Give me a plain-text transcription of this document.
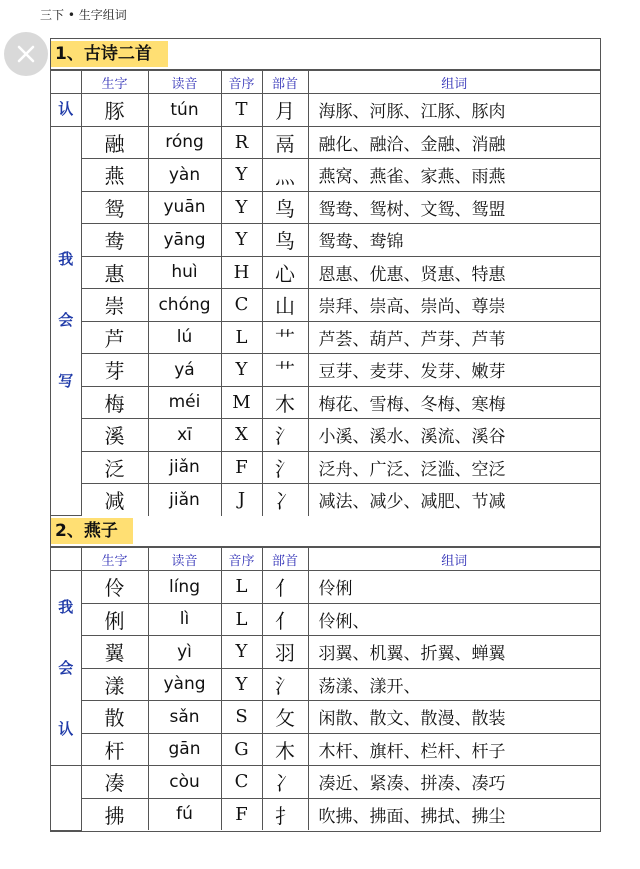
三下 • 生字组词
1、古诗二首
	生字	读音	音序	部首	组词

认	豚	tún	T	月	海豚、河豚、江豚、豚肉

我
会
写	融	róng	R	鬲	融化、融洽、金融、消融
	燕	yàn	Y	灬	燕窝、燕雀、家燕、雨燕
	鸳	yuān	Y	鸟	鸳鸯、鸳树、文鸳、鸳盟
	鸯	yāng	Y	鸟	鸳鸯、鸯锦
	惠	huì	H	心	恩惠、优惠、贤惠、特惠
	崇	chóng	C	山	崇拜、崇高、崇尚、尊崇
	芦	lú	L	艹	芦荟、葫芦、芦芽、芦苇
	芽	yá	Y	艹	豆芽、麦芽、发芽、嫩芽
	梅	méi	M	木	梅花、雪梅、冬梅、寒梅
	溪	xī	X	氵	小溪、溪水、溪流、溪谷
	泛	jiǎn	F	氵	泛舟、广泛、泛滥、空泛
	减	jiǎn	J	冫	减法、减少、减肥、节减
2、燕子
	生字	读音	音序	部首	组词

我
会
认	伶	líng	L	亻	伶俐
	俐	lì	L	亻	伶俐、
	翼	yì	Y	羽	羽翼、机翼、折翼、蝉翼
	漾	yàng	Y	氵	荡漾、漾开、
	散	sǎn	S	攵	闲散、散文、散漫、散装
	杆	gān	G	木	木杆、旗杆、栏杆、杆子
	凑	còu	C	冫	凑近、紧凑、拼凑、凑巧
	拂	fú	F	扌	吹拂、拂面、拂拭、拂尘
